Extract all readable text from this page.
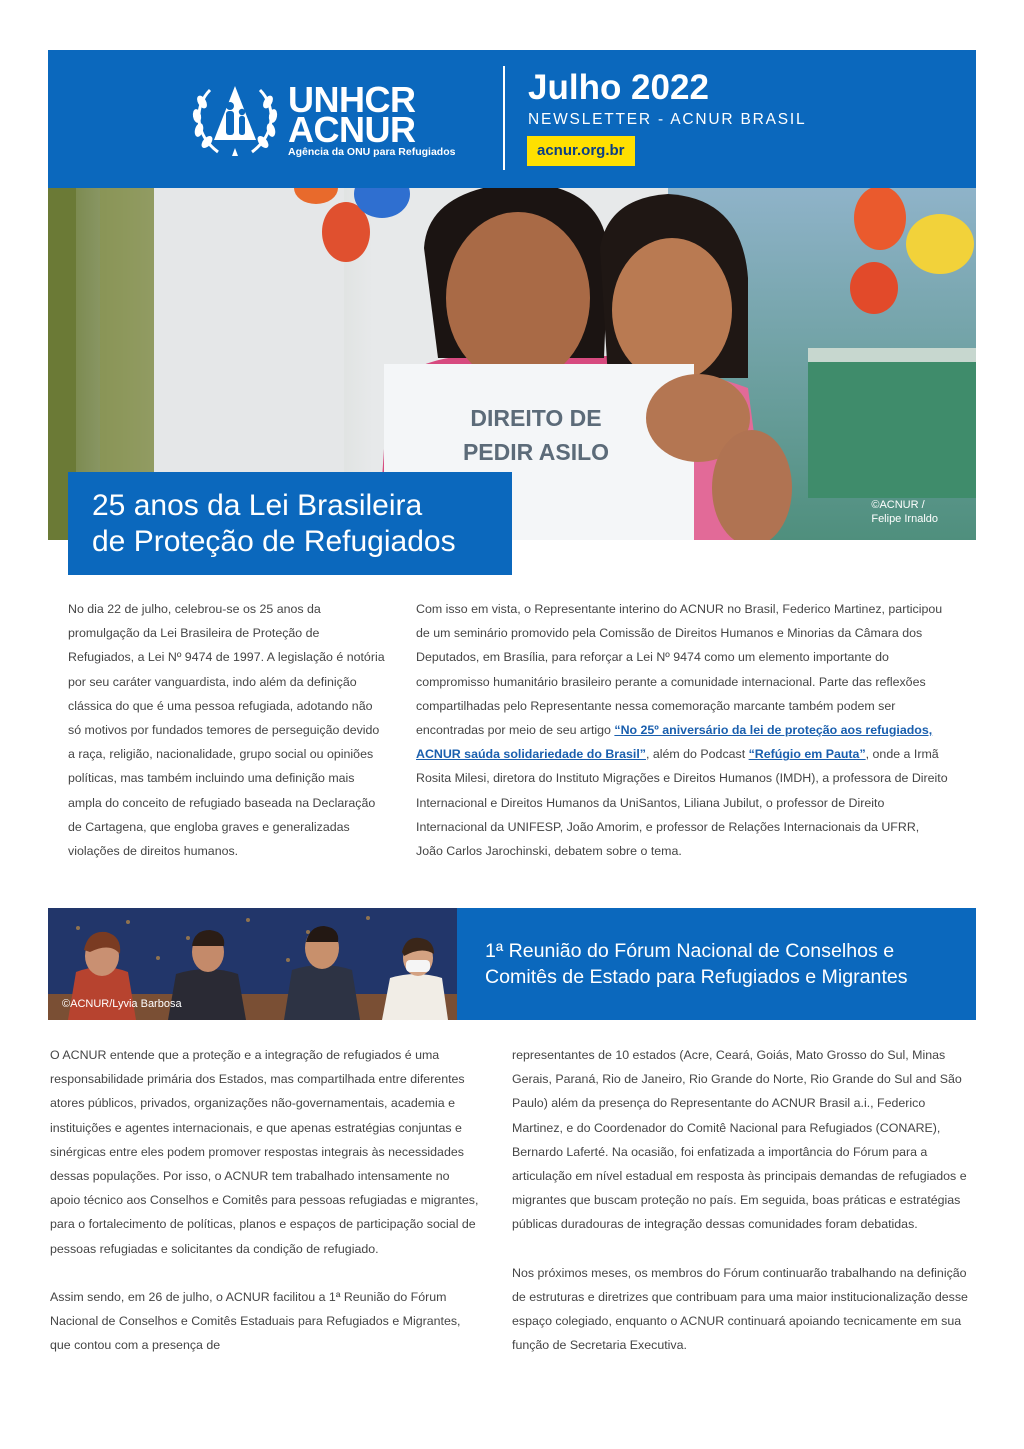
UNHCR
ACNUR
Agência da ONU para Refugiados
Julho 2022
NEWSLETTER - ACNUR BRASIL
acnur.org.br
DIREITO DE
PEDIR ASILO
©ACNUR /
Felipe Irnaldo
25 anos da Lei Brasileira
de Proteção de Refugiados

No dia 22 de julho, celebrou-se os 25 anos da promulgação da Lei Brasileira de Proteção de Refugiados, a Lei Nº 9474 de 1997. A legislação é notória por seu caráter vanguardista, indo além da definição clássica do que é uma pessoa refugiada, adotando não só motivos por fundados temores de perseguição devido a raça, religião, nacionalidade, grupo social ou opiniões políticas, mas também incluindo uma definição mais ampla do conceito de refugiado baseada na Declaração de Cartagena, que engloba graves e generalizadas violações de direitos humanos.

Com isso em vista, o Representante interino do ACNUR no Brasil, Federico Martinez, participou de um seminário promovido pela Comissão de Direitos Humanos e Minorias da Câmara dos Deputados, em Brasília, para reforçar a Lei Nº 9474 como um elemento importante do compromisso humanitário brasileiro perante a comunidade internacional. Parte das reflexões compartilhadas pelo Representante nessa comemoração marcante também podem ser encontradas por meio de seu artigo “No 25º aniversário da lei de proteção aos refugiados, ACNUR saúda solidariedade do Brasil”, além do Podcast “Refúgio em Pauta”, onde a Irmã Rosita Milesi, diretora do Instituto Migrações e Direitos Humanos (IMDH), a professora de Direito Internacional e Direitos Humanos da UniSantos, Liliana Jubilut, o professor de Direito Internacional da UNIFESP, João Amorim, e professor de Relações Internacionais da UFRR, João Carlos Jarochinski, debatem sobre o tema.

©ACNUR/Lyvia Barbosa
1ª Reunião do Fórum Nacional de Conselhos e
Comitês de Estado para Refugiados e Migrantes

O ACNUR entende que a proteção e a integração de refugiados é uma responsabilidade primária dos Estados, mas compartilhada entre diferentes atores públicos, privados, organizações não-governamentais, academia e instituições e agentes internacionais, e que apenas estratégias conjuntas e sinérgicas entre eles podem promover respostas integrais às necessidades dessas populações. Por isso, o ACNUR tem trabalhado intensamente no apoio técnico aos Conselhos e Comitês para pessoas refugiadas e migrantes, para o fortalecimento de políticas, planos e espaços de participação social de pessoas refugiadas e solicitantes da condição de refugiado.

Assim sendo, em 26 de julho, o ACNUR facilitou a 1ª Reunião do Fórum Nacional de Conselhos e Comitês Estaduais para Refugiados e Migrantes, que contou com a presença de

representantes de 10 estados (Acre, Ceará, Goiás, Mato Grosso do Sul, Minas Gerais, Paraná, Rio de Janeiro, Rio Grande do Norte, Rio Grande do Sul and São Paulo) além da presença do Representante do ACNUR Brasil a.i., Federico Martinez, e do Coordenador do Comitê Nacional para Refugiados (CONARE), Bernardo Laferté. Na ocasião, foi enfatizada a importância do Fórum para a articulação em nível estadual em resposta às principais demandas de refugiados e migrantes que buscam proteção no país. Em seguida, boas práticas e estratégias públicas duradouras de integração dessas comunidades foram debatidas.

Nos próximos meses, os membros do Fórum continuarão trabalhando na definição de estruturas e diretrizes que contribuam para uma maior institucionalização desse espaço colegiado, enquanto o ACNUR continuará apoiando tecnicamente em sua função de Secretaria Executiva.
